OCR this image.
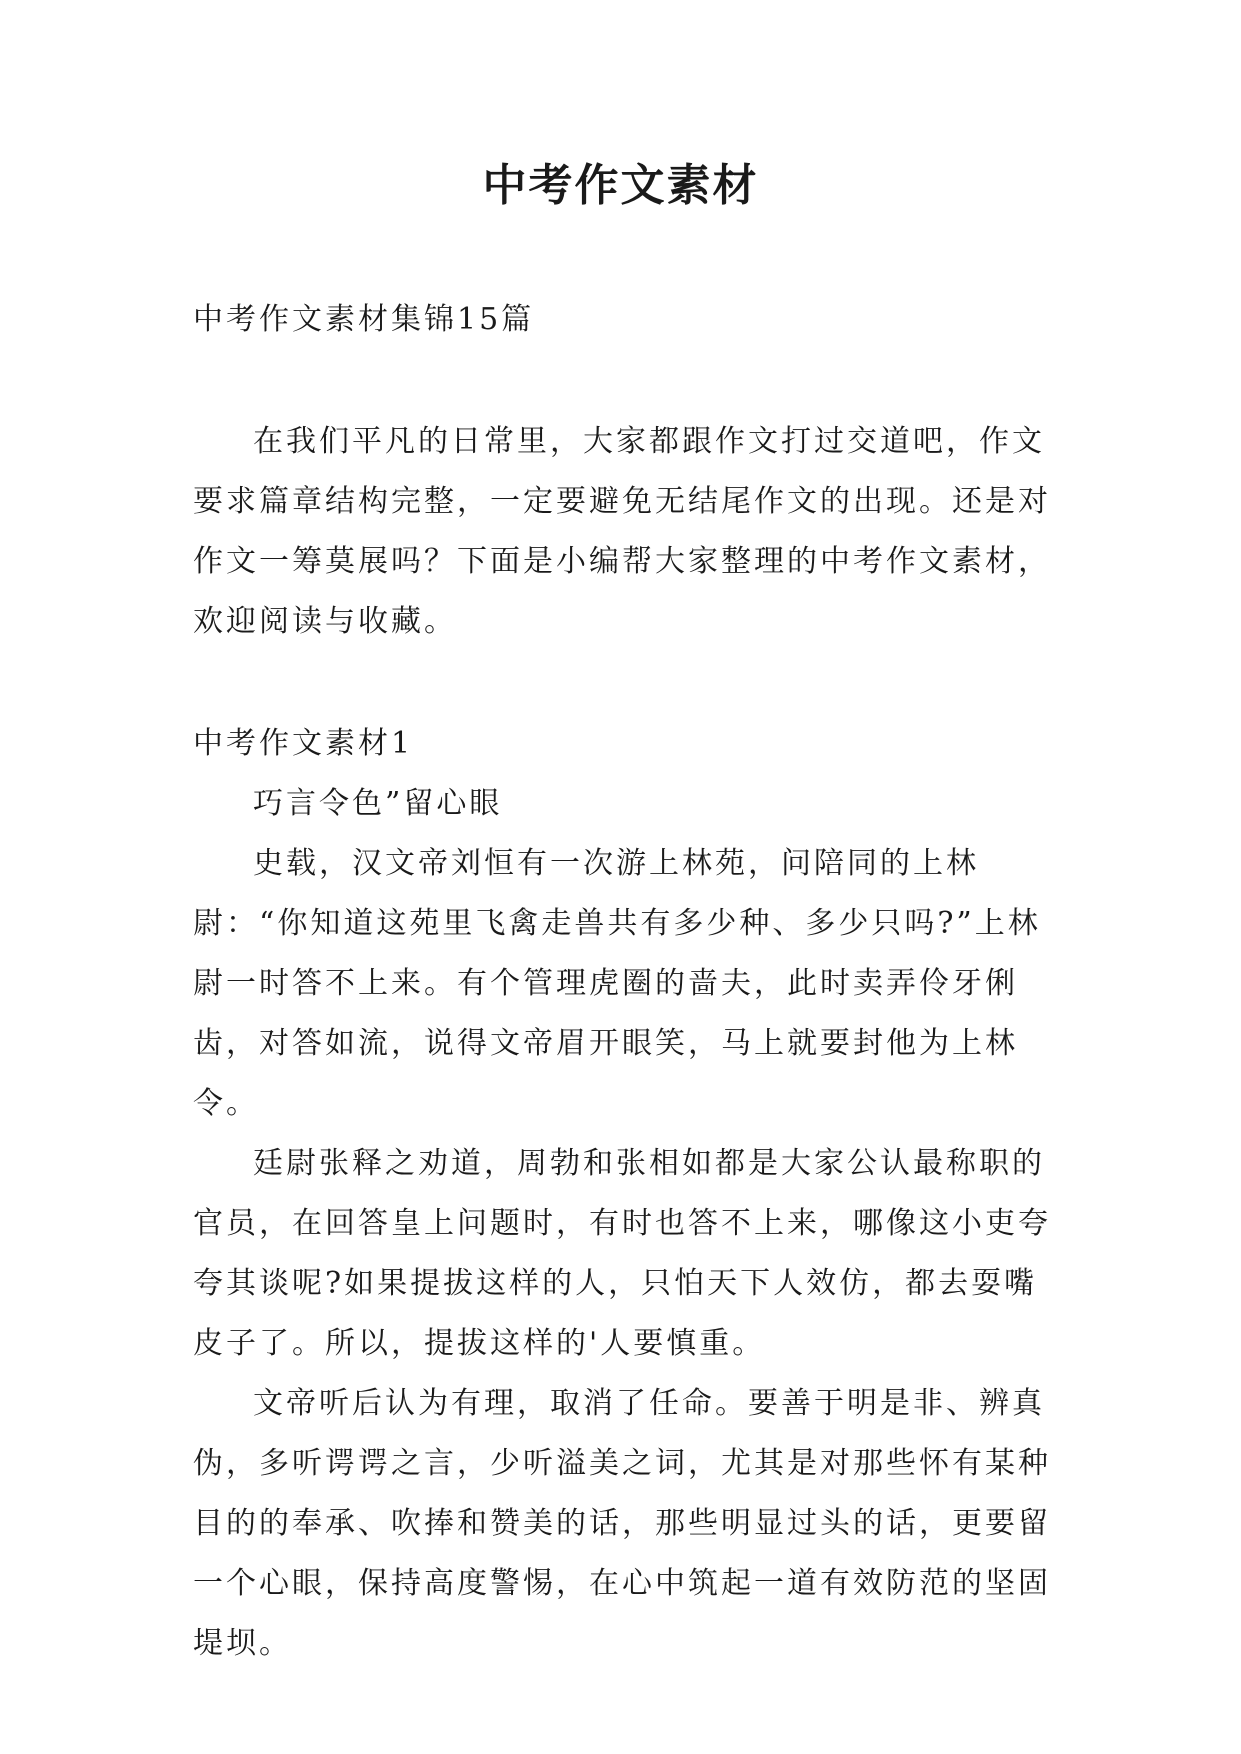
中考作文素材

中考作文素材集锦15篇

在我们平凡的日常里，大家都跟作文打过交道吧，作文要求篇章结构完整，一定要避免无结尾作文的出现。还是对作文一筹莫展吗？下面是小编帮大家整理的中考作文素材，欢迎阅读与收藏。

中考作文素材1

巧言令色”留心眼

史载，汉文帝刘恒有一次游上林苑，问陪同的上林尉：“你知道这苑里飞禽走兽共有多少种、多少只吗?”上林尉一时答不上来。有个管理虎圈的啬夫，此时卖弄伶牙俐齿，对答如流，说得文帝眉开眼笑，马上就要封他为上林令。

廷尉张释之劝道，周勃和张相如都是大家公认最称职的官员，在回答皇上问题时，有时也答不上来，哪像这小吏夸夸其谈呢?如果提拔这样的人，只怕天下人效仿，都去耍嘴皮子了。所以，提拔这样的'人要慎重。

文帝听后认为有理，取消了任命。要善于明是非、辨真伪，多听谔谔之言，少听溢美之词，尤其是对那些怀有某种目的的奉承、吹捧和赞美的话，那些明显过头的话，更要留一个心眼，保持高度警惕，在心中筑起一道有效防范的坚固堤坝。
